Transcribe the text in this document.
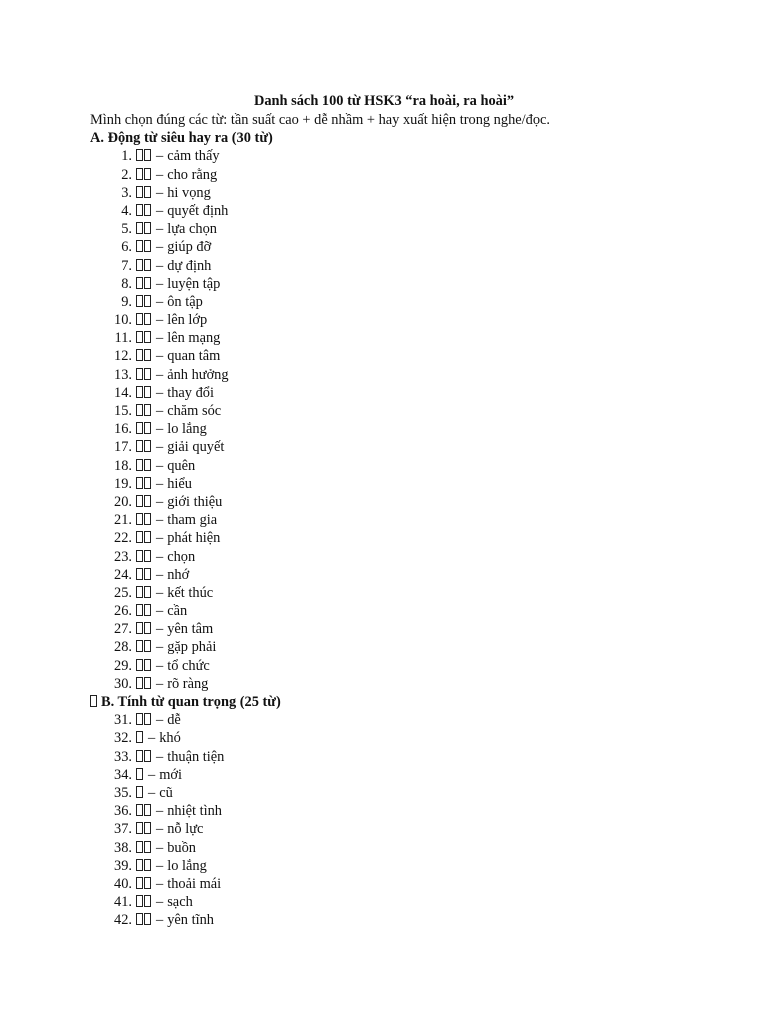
Danh sách 100 từ HSK3 “ra hoài, ra hoài”

Mình chọn đúng các từ: tần suất cao + dễ nhầm + hay xuất hiện trong nghe/đọc.

A. Động từ siêu hay ra (30 từ)

1. – cảm thấy
2. – cho rằng
3. – hi vọng
4. – quyết định
5. – lựa chọn
6. – giúp đỡ
7. – dự định
8. – luyện tập
9. – ôn tập
10. – lên lớp
11. – lên mạng
12. – quan tâm
13. – ảnh hưởng
14. – thay đổi
15. – chăm sóc
16. – lo lắng
17. – giải quyết
18. – quên
19. – hiểu
20. – giới thiệu
21. – tham gia
22. – phát hiện
23. – chọn
24. – nhớ
25. – kết thúc
26. – cần
27. – yên tâm
28. – gặp phải
29. – tổ chức
30. – rõ ràng

B. Tính từ quan trọng (25 từ)

31. – dễ
32. – khó
33. – thuận tiện
34. – mới
35. – cũ
36. – nhiệt tình
37. – nỗ lực
38. – buồn
39. – lo lắng
40. – thoải mái
41. – sạch
42. – yên tĩnh
